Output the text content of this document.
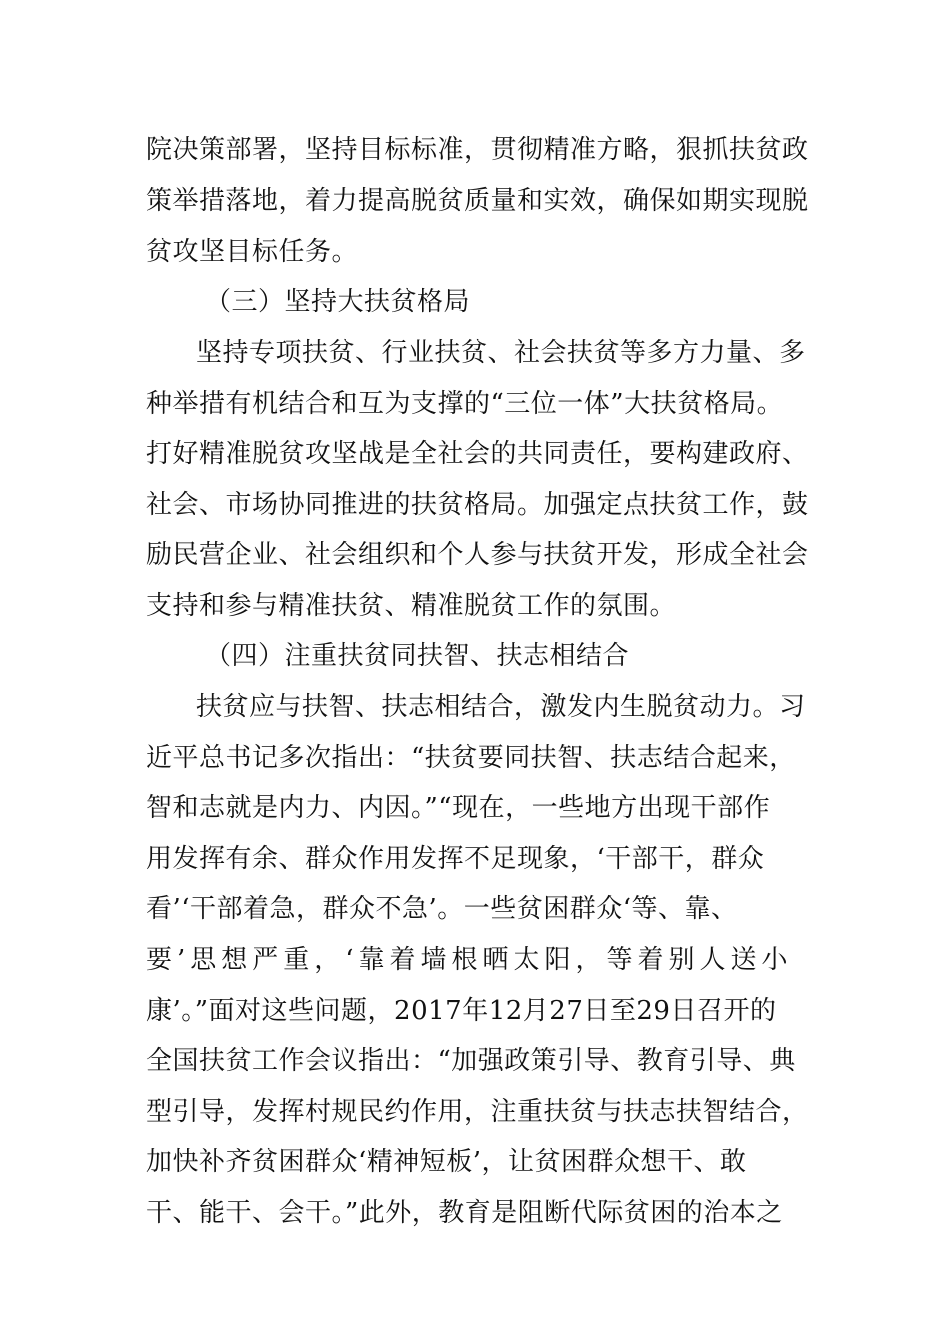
院决策部署，坚持目标标准，贯彻精准方略，狠抓扶贫政
策举措落地，着力提高脱贫质量和实效，确保如期实现脱
贫攻坚目标任务。
（三）坚持大扶贫格局
坚持专项扶贫、行业扶贫、社会扶贫等多方力量、多
种举措有机结合和互为支撑的“三位一体”大扶贫格局。
打好精准脱贫攻坚战是全社会的共同责任，要构建政府、
社会、市场协同推进的扶贫格局。加强定点扶贫工作，鼓
励民营企业、社会组织和个人参与扶贫开发，形成全社会
支持和参与精准扶贫、精准脱贫工作的氛围。
（四）注重扶贫同扶智、扶志相结合
扶贫应与扶智、扶志相结合，激发内生脱贫动力。习
近平总书记多次指出：“扶贫要同扶智、扶志结合起来，
智和志就是内力、内因。”“现在，一些地方出现干部作
用发挥有余、群众作用发挥不足现象，‘干部干，群众
看’‘干部着急，群众不急’。一些贫困群众‘等、靠、
要’思想严重，‘靠着墙根晒太阳，等着别人送小
康’。”面对这些问题，2017年12月27日至29日召开的
全国扶贫工作会议指出：“加强政策引导、教育引导、典
型引导，发挥村规民约作用，注重扶贫与扶志扶智结合，
加快补齐贫困群众‘精神短板’，让贫困群众想干、敢
干、能干、会干。”此外，教育是阻断代际贫困的治本之
